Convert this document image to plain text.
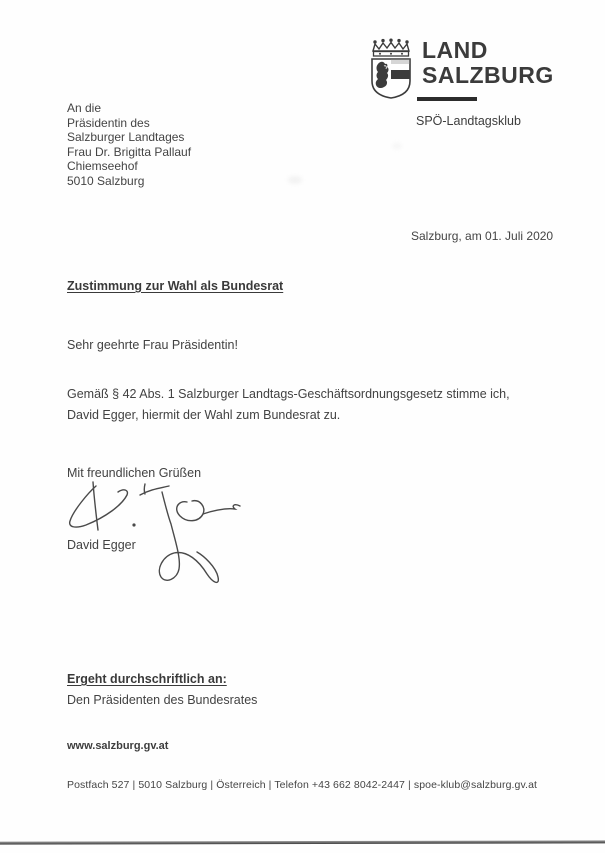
LAND
SALZBURG
SPÖ-Landtagsklub
An die
Präsidentin des
Salzburger Landtages
Frau Dr. Brigitta Pallauf
Chiemseehof
5010 Salzburg
Salzburg, am 01. Juli 2020
Zustimmung zur Wahl als Bundesrat
Sehr geehrte Frau Präsidentin!
Gemäß § 42 Abs. 1 Salzburger Landtags-Geschäftsordnungsgesetz stimme ich,
David Egger, hiermit der Wahl zum Bundesrat zu.
Mit freundlichen Grüßen
David Egger
Ergeht durchschriftlich an:
Den Präsidenten des Bundesrates
www.salzburg.gv.at
Postfach 527 | 5010 Salzburg | Österreich | Telefon +43 662 8042-2447 | spoe-klub@salzburg.gv.at
